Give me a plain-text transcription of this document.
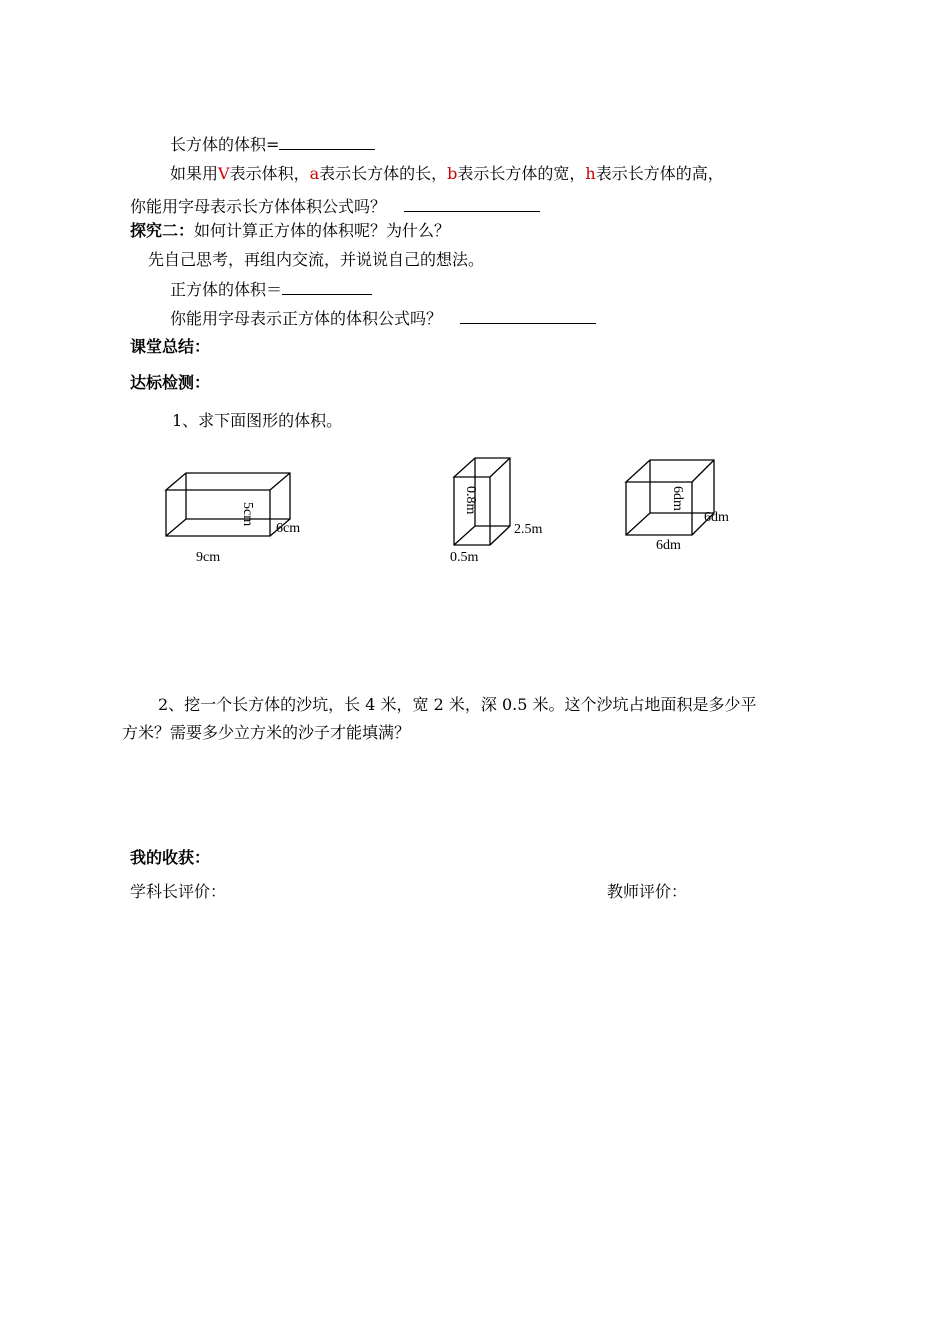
长方体的体积=
如果用V表示体积，a表示长方体的长，b表示长方体的宽，h表示长方体的高，
你能用字母表示长方体体积公式吗？
探究二：如何计算正方体的体积呢？为什么？
先自己思考，再组内交流，并说说自己的想法。
正方体的体积＝
你能用字母表示正方体的体积公式吗？
课堂总结：
达标检测：
1、求下面图形的体积。
5cm
6cm
9cm
0.8m
2.5m
0.5m
6dm
6dm
6dm
2、挖一个长方体的沙坑，长 4 米，宽 2 米，深 0.5 米。这个沙坑占地面积是多少平
方米？需要多少立方米的沙子才能填满？
我的收获：
学科长评价：	教师评价：
